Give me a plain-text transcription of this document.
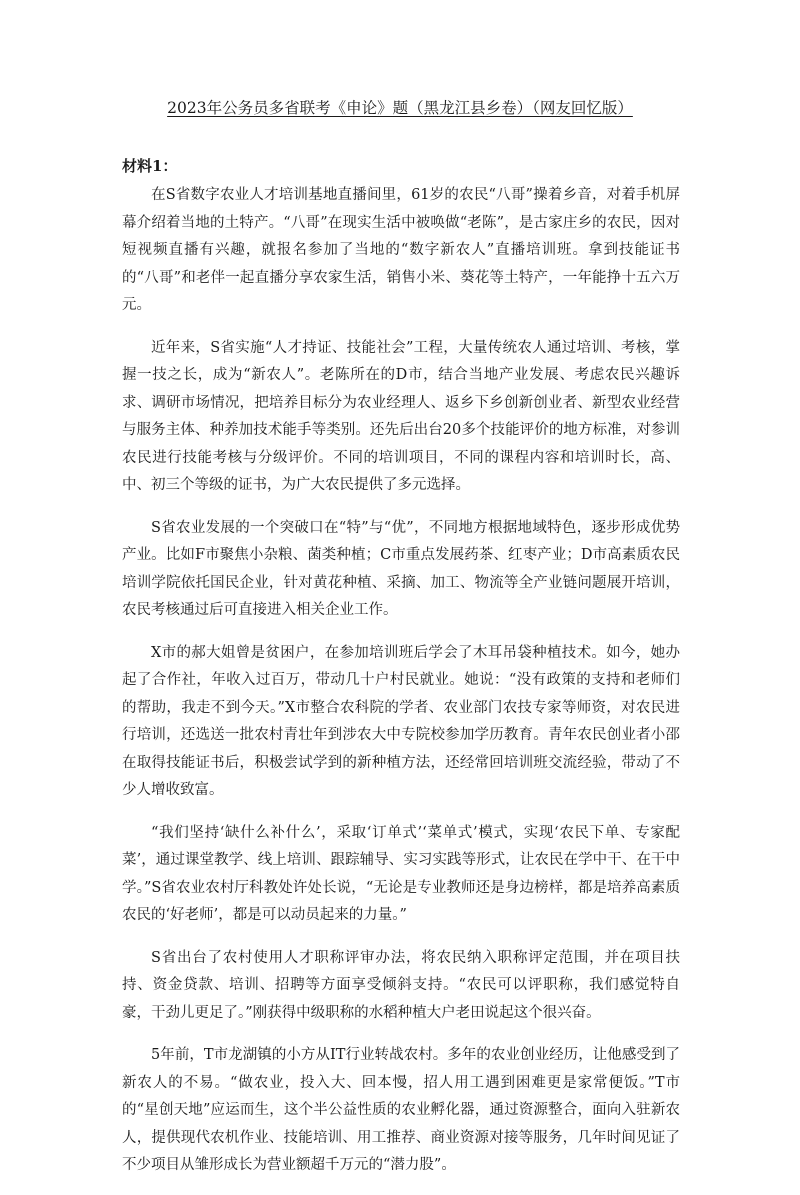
2023年公务员多省联考《申论》题（黑龙江县乡卷）（网友回忆版）
材料1：

在S省数字农业人才培训基地直播间里，61岁的农民“八哥”操着乡音，对着手机屏幕介绍着当地的土特产。“八哥”在现实生活中被唤做“老陈”，是古家庄乡的农民，因对短视频直播有兴趣，就报名参加了当地的“数字新农人”直播培训班。拿到技能证书的“八哥”和老伴一起直播分享农家生活，销售小米、葵花等土特产，一年能挣十五六万元。

近年来，S省实施“人才持证、技能社会”工程，大量传统农人通过培训、考核，掌握一技之长，成为“新农人”。老陈所在的D市，结合当地产业发展、考虑农民兴趣诉求、调研市场情况，把培养目标分为农业经理人、返乡下乡创新创业者、新型农业经营与服务主体、种养加技术能手等类别。还先后出台20多个技能评价的地方标准，对参训农民进行技能考核与分级评价。不同的培训项目，不同的课程内容和培训时长，高、中、初三个等级的证书，为广大农民提供了多元选择。

S省农业发展的一个突破口在“特”与“优”，不同地方根据地域特色，逐步形成优势产业。比如F市聚焦小杂粮、菌类种植；C市重点发展药茶、红枣产业；D市高素质农民培训学院依托国民企业，针对黄花种植、采摘、加工、物流等全产业链问题展开培训，农民考核通过后可直接进入相关企业工作。

X市的郝大姐曾是贫困户，在参加培训班后学会了木耳吊袋种植技术。如今，她办起了合作社，年收入过百万，带动几十户村民就业。她说：“没有政策的支持和老师们的帮助，我走不到今天。”X市整合农科院的学者、农业部门农技专家等师资，对农民进行培训，还选送一批农村青壮年到涉农大中专院校参加学历教育。青年农民创业者小邵在取得技能证书后，积极尝试学到的新种植方法，还经常回培训班交流经验，带动了不少人增收致富。

“我们坚持‘缺什么补什么’，采取‘订单式’‘菜单式’模式，实现‘农民下单、专家配菜’，通过课堂教学、线上培训、跟踪辅导、实习实践等形式，让农民在学中干、在干中学。”S省农业农村厅科教处许处长说，“无论是专业教师还是身边榜样，都是培养高素质农民的‘好老师’，都是可以动员起来的力量。”

S省出台了农村使用人才职称评审办法，将农民纳入职称评定范围，并在项目扶持、资金贷款、培训、招聘等方面享受倾斜支持。“农民可以评职称，我们感觉特自豪，干劲儿更足了。”刚获得中级职称的水稻种植大户老田说起这个很兴奋。

5年前，T市龙湖镇的小方从IT行业转战农村。多年的农业创业经历，让他感受到了新农人的不易。“做农业，投入大、回本慢，招人用工遇到困难更是家常便饭。”T市的“星创天地”应运而生，这个半公益性质的农业孵化器，通过资源整合，面向入驻新农人，提供现代农机作业、技能培训、用工推荐、商业资源对接等服务，几年时间见证了不少项目从雏形成长为营业额超千万元的“潜力股”。
